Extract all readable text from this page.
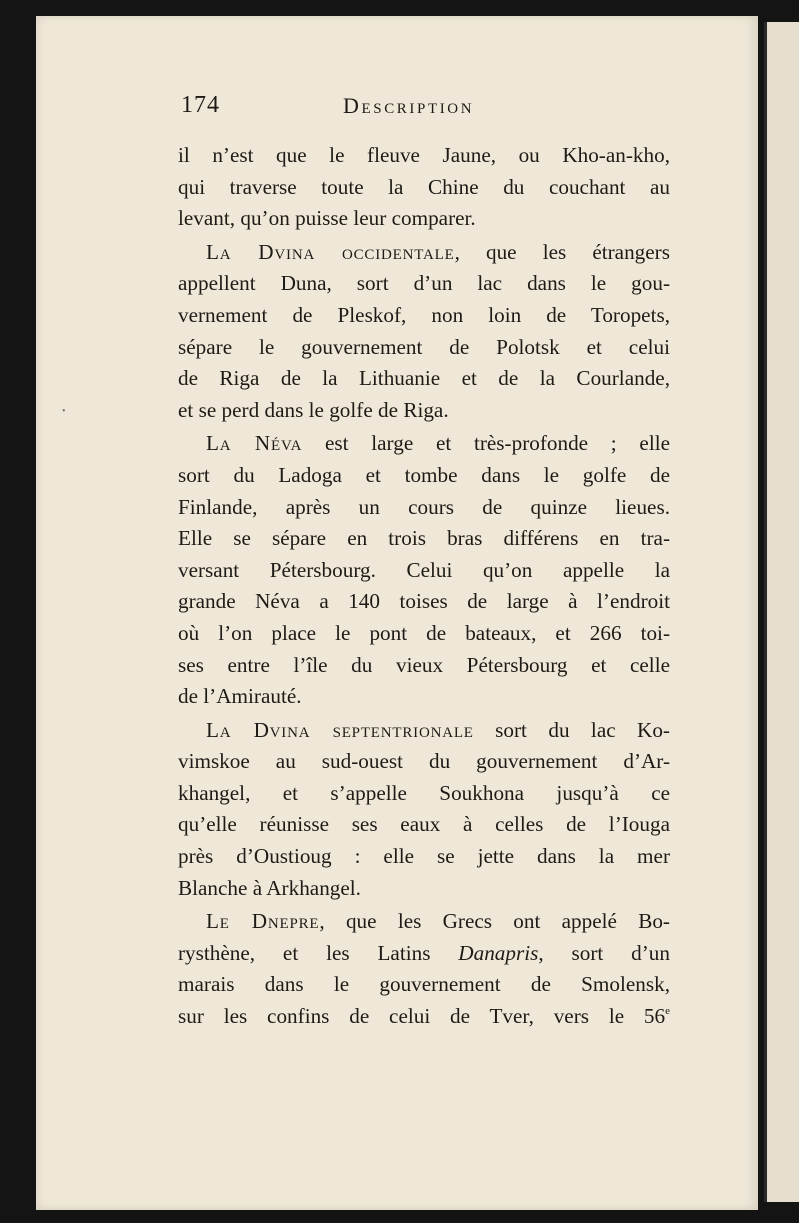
•
174	Description
il n’est que le fleuve Jaune, ou Kho-an-kho,
qui traverse toute la Chine du couchant au
levant, qu’on puisse leur comparer.
La Dvina occidentale, que les étrangers
appellent Duna, sort d’un lac dans le gou-
vernement de Pleskof, non loin de Toropets,
sépare le gouvernement de Polotsk et celui
de Riga de la Lithuanie et de la Courlande,
et se perd dans le golfe de Riga.
La Néva est large et très-profonde ; elle
sort du Ladoga et tombe dans le golfe de
Finlande, après un cours de quinze lieues.
Elle se sépare en trois bras différens en tra-
versant Pétersbourg. Celui qu’on appelle la
grande Néva a 140 toises de large à l’endroit
où l’on place le pont de bateaux, et 266 toi-
ses entre l’île du vieux Pétersbourg et celle
de l’Amirauté.
La Dvina septentrionale sort du lac Ko-
vimskoe au sud-ouest du gouvernement d’Ar-
khangel, et s’appelle Soukhona jusqu’à ce
qu’elle réunisse ses eaux à celles de l’Iouga
près d’Oustioug : elle se jette dans la mer
Blanche à Arkhangel.
Le Dnepre, que les Grecs ont appelé Bo-
rysthène, et les Latins Danapris, sort d’un
marais dans le gouvernement de Smolensk,
sur les confins de celui de Tver, vers le 56e
